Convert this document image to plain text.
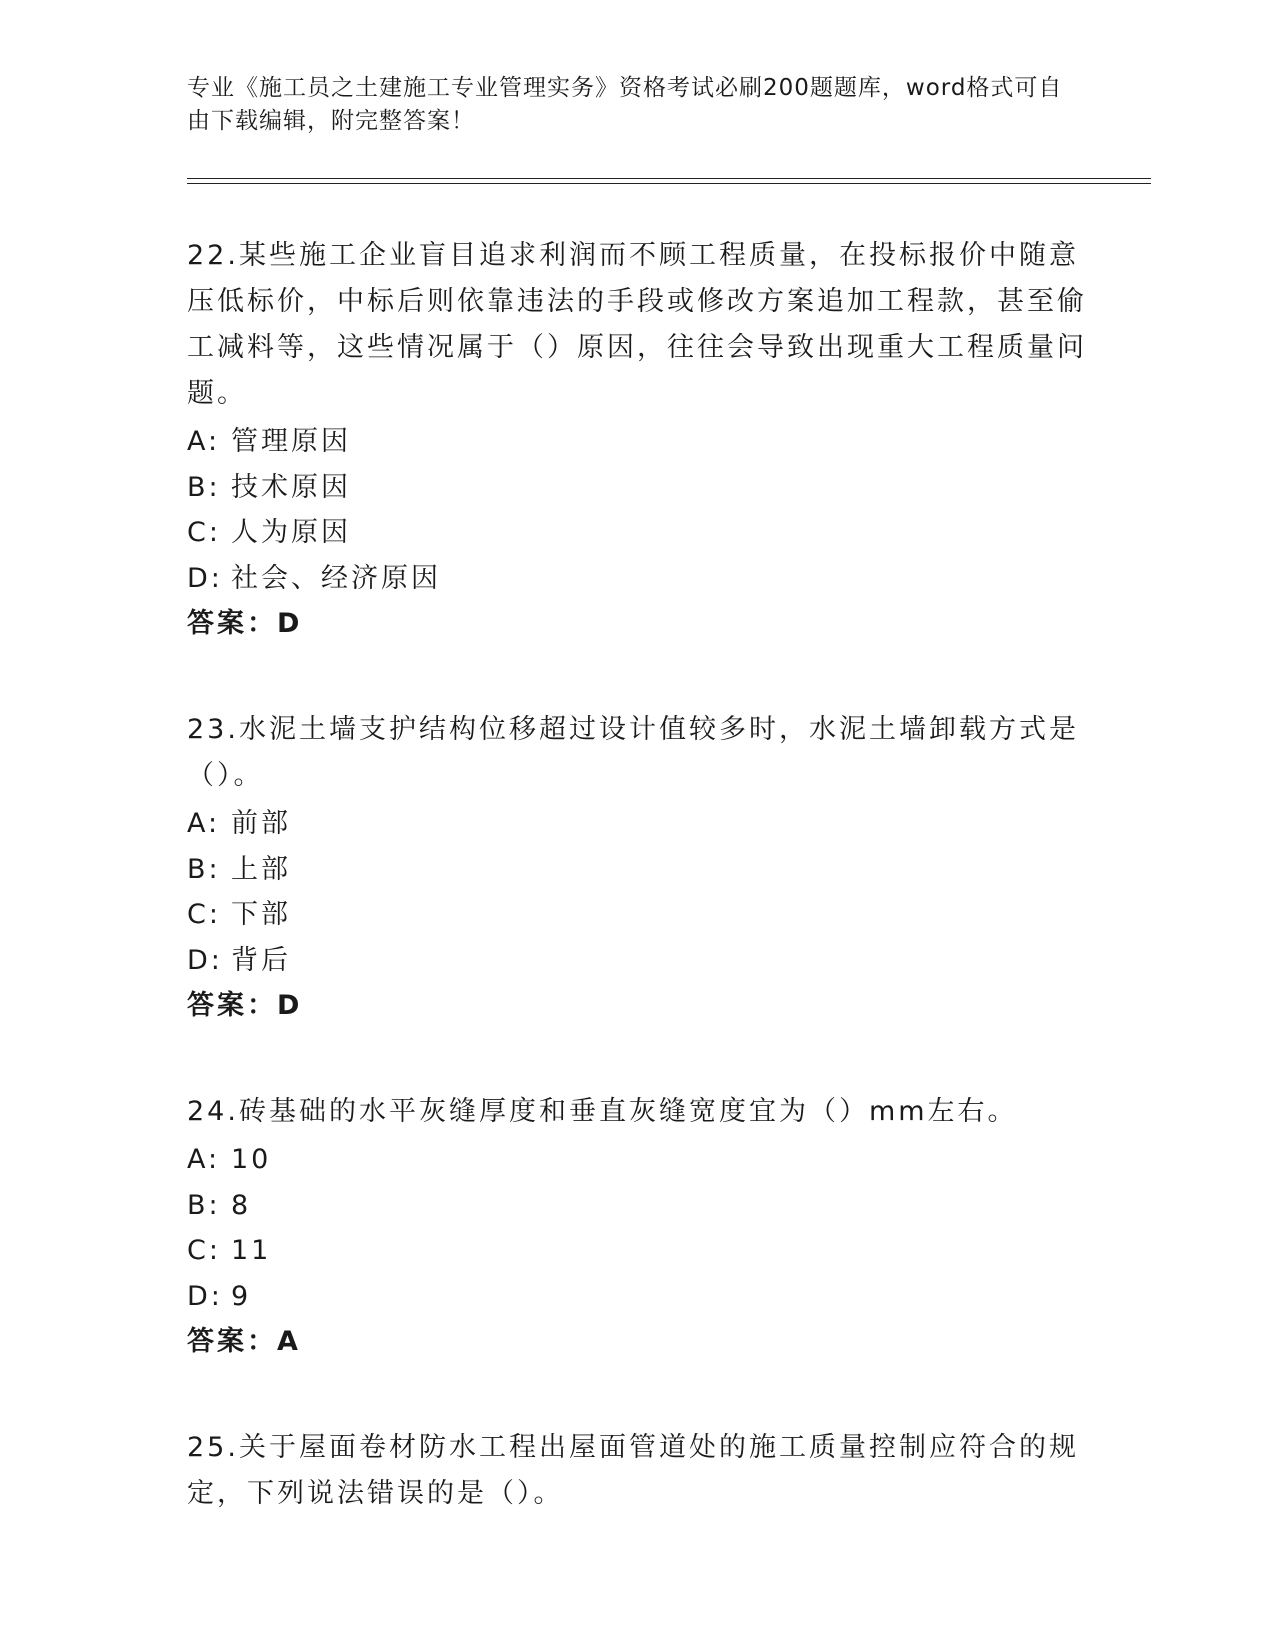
专业《施工员之土建施工专业管理实务》资格考试必刷200题题库，word格式可自由下载编辑，附完整答案！
22.某些施工企业盲目追求利润而不顾工程质量，在投标报价中随意压低标价，中标后则依靠违法的手段或修改方案追加工程款，甚至偷工减料等，这些情况属于（）原因，往往会导致出现重大工程质量问题。
A: 管理原因
B: 技术原因
C: 人为原因
D: 社会、经济原因
答案：D
23.水泥土墙支护结构位移超过设计值较多时，水泥土墙卸载方式是（）。
A: 前部
B: 上部
C: 下部
D: 背后
答案：D
24.砖基础的水平灰缝厚度和垂直灰缝宽度宜为（）mm左右。
A: 10
B: 8
C: 11
D: 9
答案：A
25.关于屋面卷材防水工程出屋面管道处的施工质量控制应符合的规定，下列说法错误的是（）。
